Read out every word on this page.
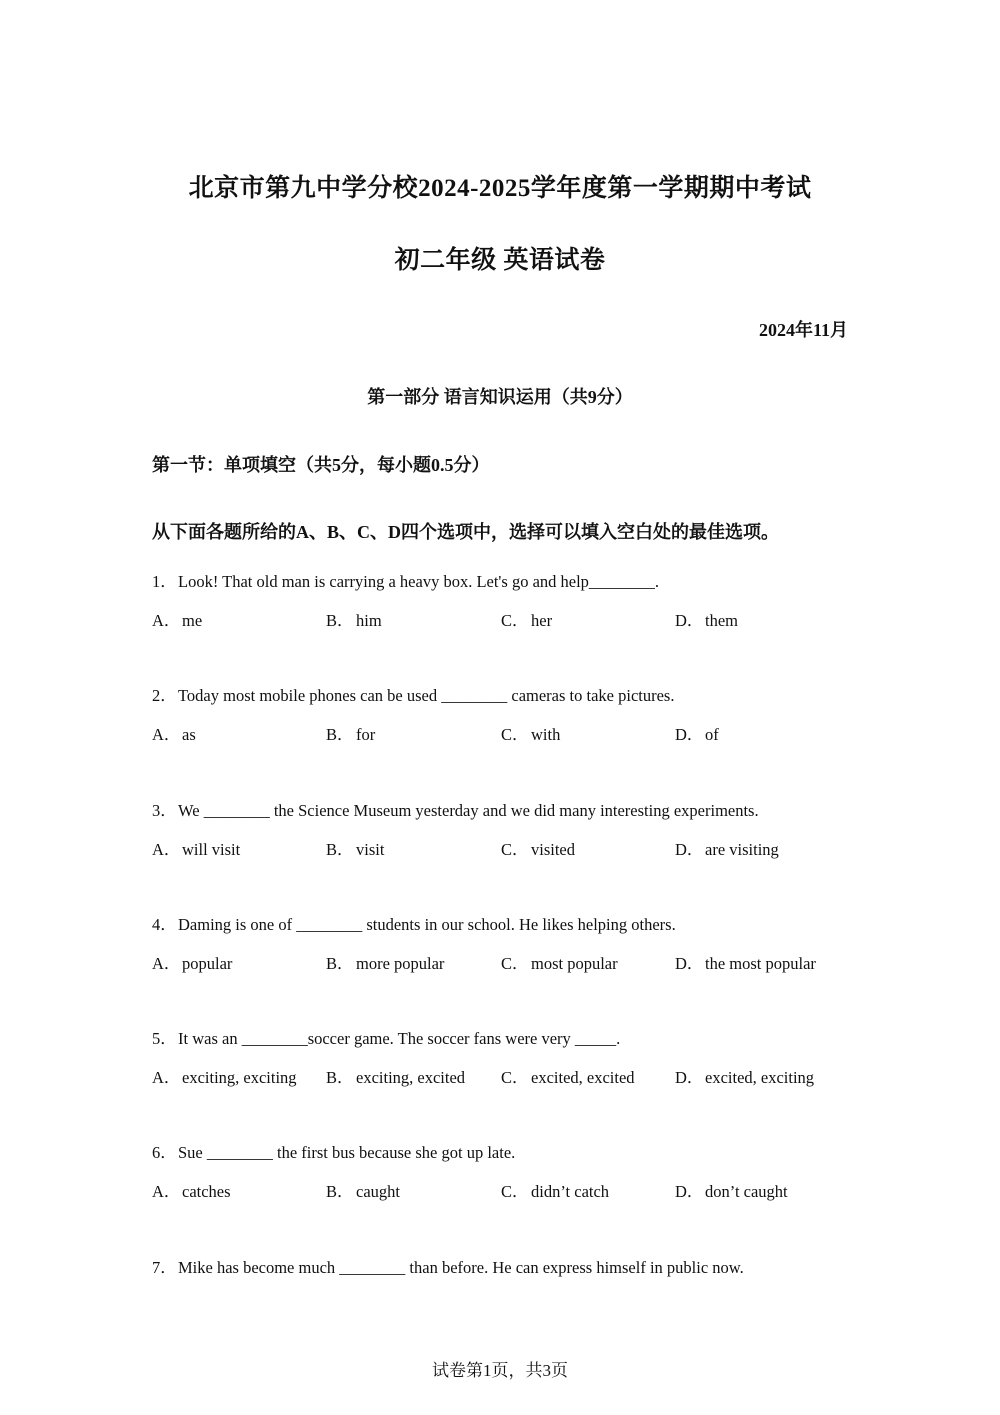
北京市第九中学分校2024-2025学年度第一学期期中考试
初二年级 英语试卷
2024年11月
第一部分 语言知识运用（共9分）
第一节：单项填空（共5分，每小题0.5分）
从下面各题所给的A、B、C、D四个选项中，选择可以填入空白处的最佳选项。
1．Look! That old man is carrying a heavy box. Let's go and help________.
A．me	B． him	C． her	D．them
2．Today most mobile phones can be used ________ cameras to take pictures.
A．as	B． for	C． with	D．of
3．We ________ the Science Museum yesterday and we did many interesting experiments.
A．will visit	B． visit	C． visited	D．are visiting
4．Daming is one of ________ students in our school. He likes helping others.
A．popular	B． more popular	C． most popular	D．the most popular
5．It was an ________soccer game. The soccer fans were very _____.
A．exciting, exciting B． exciting, excited C． excited, excited D．excited, exciting
6．Sue ________ the first bus because she got up late.
A．catches	B． caught	C． didn’t catch	D．don’t caught
7．Mike has become much ________ than before. He can express himself in public now.
试卷第1页，共3页
